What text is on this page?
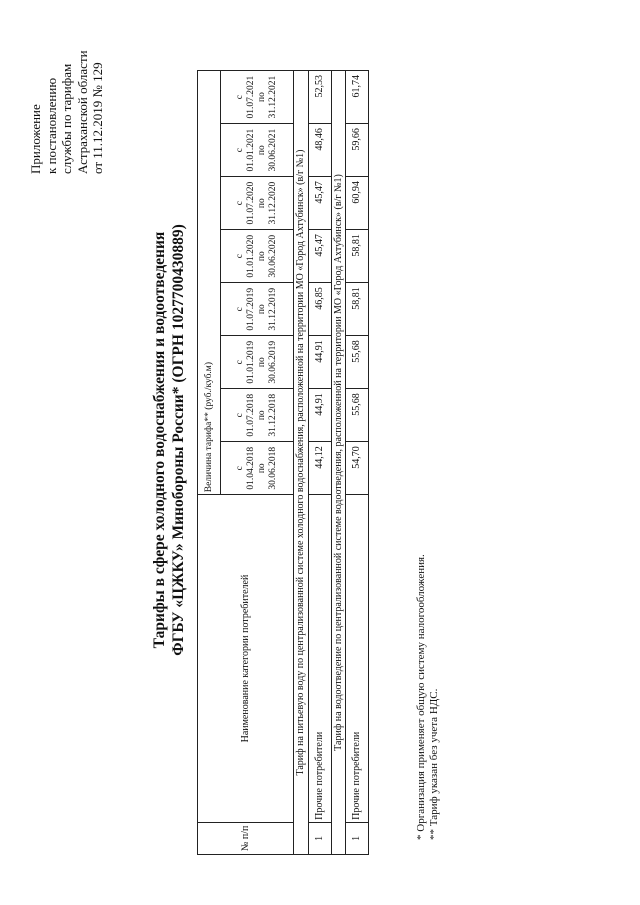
Приложение к постановлению службы по тарифам Астраханской области от 11.12.2019 № 129
Тарифы в сфере холодного водоснабжения и водоотведения ФГБУ «ЦЖКУ» Минобороны России* (ОГРН 1027700430889)
№ п/п	Наименование категории потребителей	Величина тарифа** (руб./куб.м)							
		с 01.04.2018 по 30.06.2018	с 01.07.2018 по 31.12.2018	с 01.01.2019 по 30.06.2019	с 01.07.2019 по 31.12.2019	с 01.01.2020 по 30.06.2020	с 01.07.2020 по 31.12.2020	с 01.01.2021 по 30.06.2021	с 01.07.2021 по 31.12.2021
Тариф на питьевую воду по централизованной системе холодного водоснабжения, расположенной на территории МО «Город Ахтубинск» (в/г №1)									
1	Прочие потребители	44,12	44,91	44,91	46,85	45,47	45,47	48,46	52,53
Тариф на водоотведение по централизованной системе водоотведения, расположенной на территории МО «Город Ахтубинск» (в/г №1)									
1	Прочие потребители	54,70	55,68	55,68	58,81	58,81	60,94	59,66	61,74
* Организация применяет общую систему налогообложения. ** Тариф указан без учета НДС.
